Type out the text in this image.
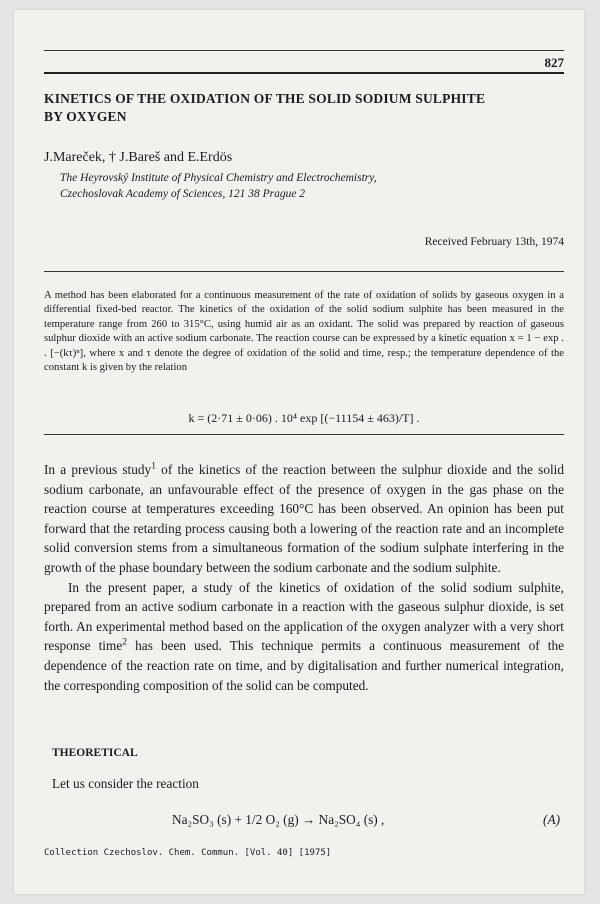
827
KINETICS OF THE OXIDATION OF THE SOLID SODIUM SULPHITE
BY OXYGEN
J.Mareček, † J.Bareš and E.Erdös
The Heyrovský Institute of Physical Chemistry and Electrochemistry,
Czechoslovak Academy of Sciences, 121 38 Prague 2
Received February 13th, 1974

A method has been elaborated for a continuous measurement of the rate of oxidation of solids by gaseous oxygen in a differential fixed-bed reactor. The kinetics of the oxidation of the solid sodium sulphite has been measured in the temperature range from 260 to 315°C, using humid air as an oxidant. The solid was prepared by reaction of gaseous sulphur dioxide with an active sodium carbonate. The reaction course can be expressed by a kinetic equation x = 1 − exp . . [−(kτ)ⁿ], where x and τ denote the degree of oxidation of the solid and time, resp.; the temperature dependence of the constant k is given by the relation

k = (2·71 ± 0·06) . 10⁴ exp [(−11154 ± 463)/T] .

In a previous study$^1$ of the kinetics of the reaction between the sulphur dioxide and the solid sodium carbonate, an unfavourable effect of the presence of oxygen in the gas phase on the reaction course at temperatures exceeding 160°C has been observed. An opinion has been put forward that the retarding process causing both a lowering of the reaction rate and an incomplete solid conversion stems from a simultaneous formation of the sodium sulphate interfering in the growth of the phase boundary between the sodium carbonate and the sodium sulphite.

In the present paper, a study of the kinetics of oxidation of the solid sodium sulphite, prepared from an active sodium carbonate in a reaction with the gaseous sulphur dioxide, is set forth. An experimental method based on the application of the oxygen analyzer with a very short response time$^2$ has been used. This technique permits a continuous measurement of the dependence of the reaction rate on time, and by digitalisation and further numerical integration, the corresponding composition of the solid can be computed.

THEORETICAL
Let us consider the reaction
Na₂SO₃ (s) + 1/2 O₂ (g) → Na₂SO₄ (s) ,	(A)
Collection Czechoslov. Chem. Commun. [Vol. 40] [1975]
